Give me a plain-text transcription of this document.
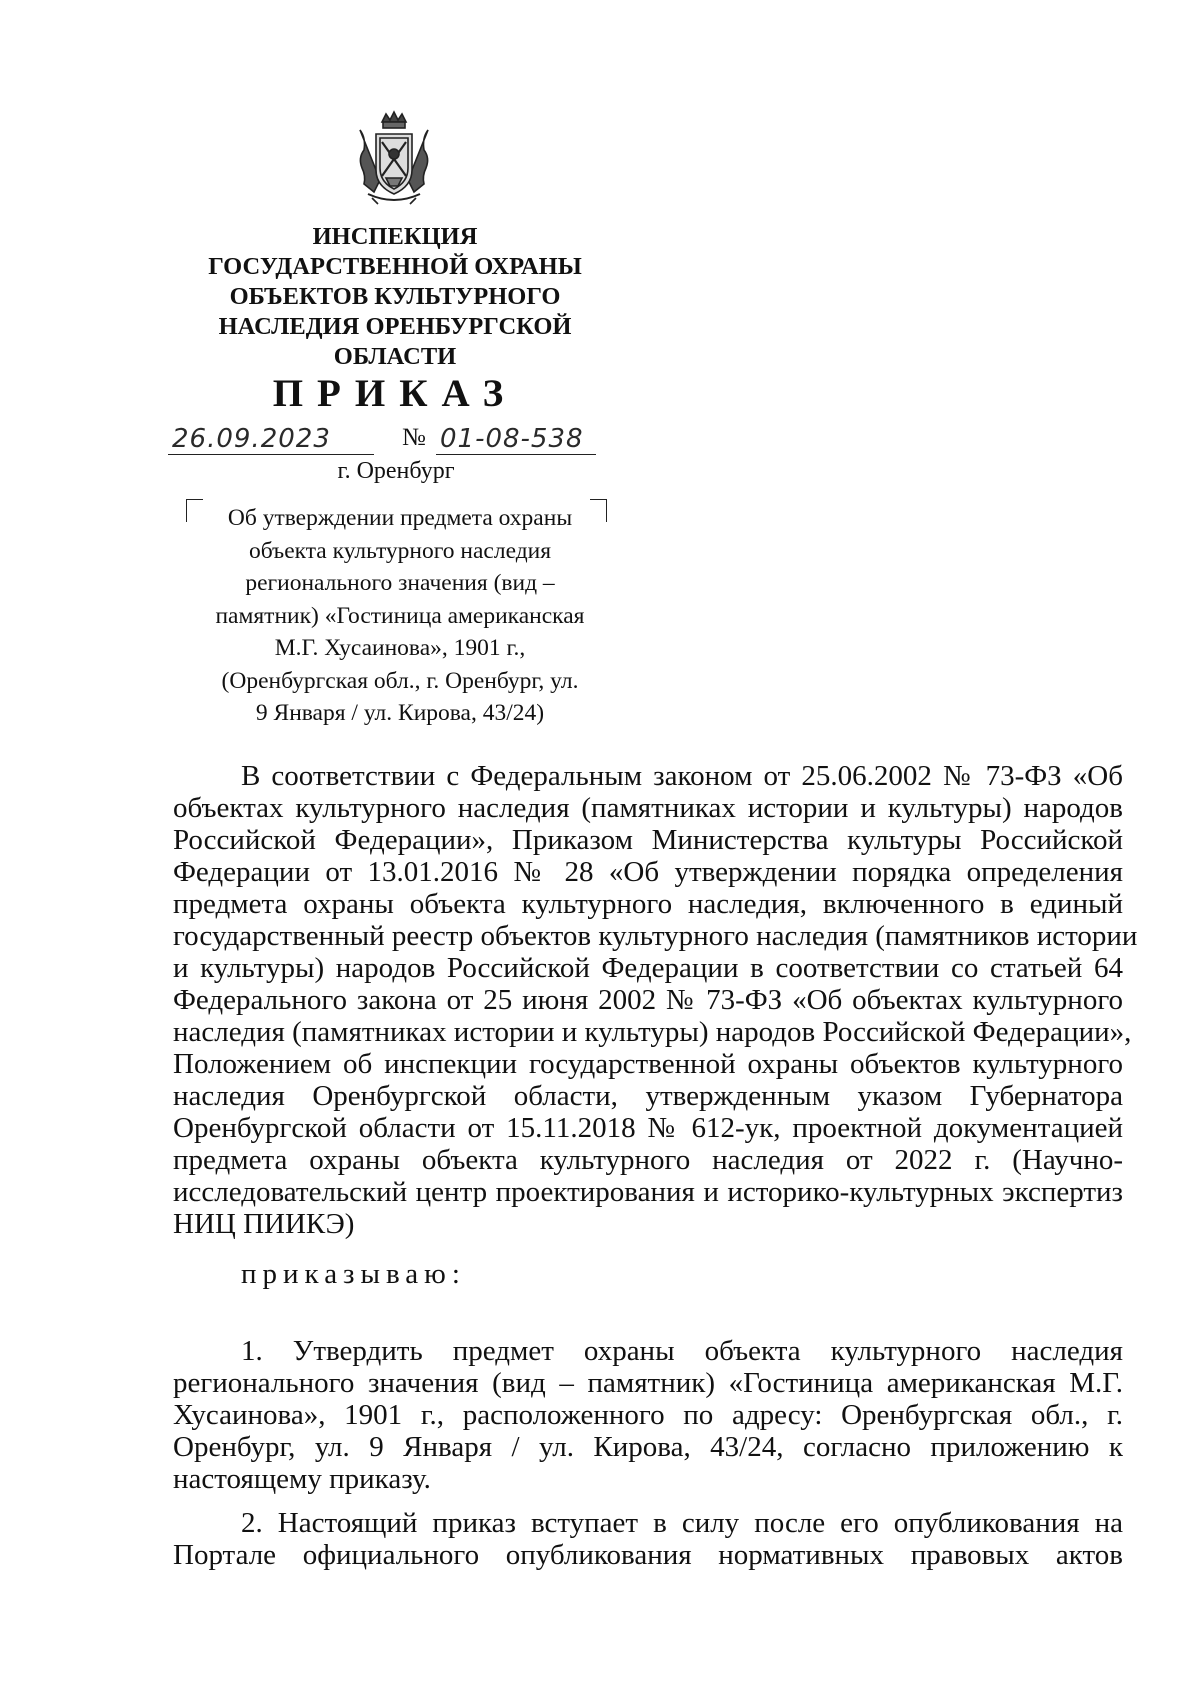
ИНСПЕКЦИЯ
ГОСУДАРСТВЕННОЙ ОХРАНЫ
ОБЪЕКТОВ КУЛЬТУРНОГО
НАСЛЕДИЯ ОРЕНБУРГСКОЙ
ОБЛАСТИ
ПРИКАЗ
26.09.2023	№ 01-08-538
г. Оренбург
Об утверждении предмета охраны
объекта культурного наследия
регионального значения (вид –
памятник) «Гостиница американская
М.Г. Хусаинова», 1901 г.,
(Оренбургская обл., г. Оренбург, ул.
9 Января / ул. Кирова, 43/24)
В соответствии с Федеральным законом от 25.06.2002 № 73-ФЗ «Об
объектах культурного наследия (памятниках истории и культуры) народов
Российской Федерации», Приказом Министерства культуры Российской
Федерации от 13.01.2016 № 28 «Об утверждении порядка определения
предмета охраны объекта культурного наследия, включенного в единый
государственный реестр объектов культурного наследия (памятников истории
и культуры) народов Российской Федерации в соответствии со статьей 64
Федерального закона от 25 июня 2002 № 73-ФЗ «Об объектах культурного
наследия (памятниках истории и культуры) народов Российской Федерации»,
Положением об инспекции государственной охраны объектов культурного
наследия Оренбургской области, утвержденным указом Губернатора
Оренбургской области от 15.11.2018 № 612-ук, проектной документацией
предмета охраны объекта культурного наследия от 2022 г. (Научно-
исследовательский центр проектирования и историко-культурных экспертиз
НИЦ ПИИКЭ)
приказываю:
1. Утвердить предмет охраны объекта культурного наследия
регионального значения (вид – памятник) «Гостиница американская М.Г.
Хусаинова», 1901 г., расположенного по адресу: Оренбургская обл., г.
Оренбург, ул. 9 Января / ул. Кирова, 43/24, согласно приложению к
настоящему приказу.
2. Настоящий приказ вступает в силу после его опубликования на
Портале официального опубликования нормативных правовых актов
